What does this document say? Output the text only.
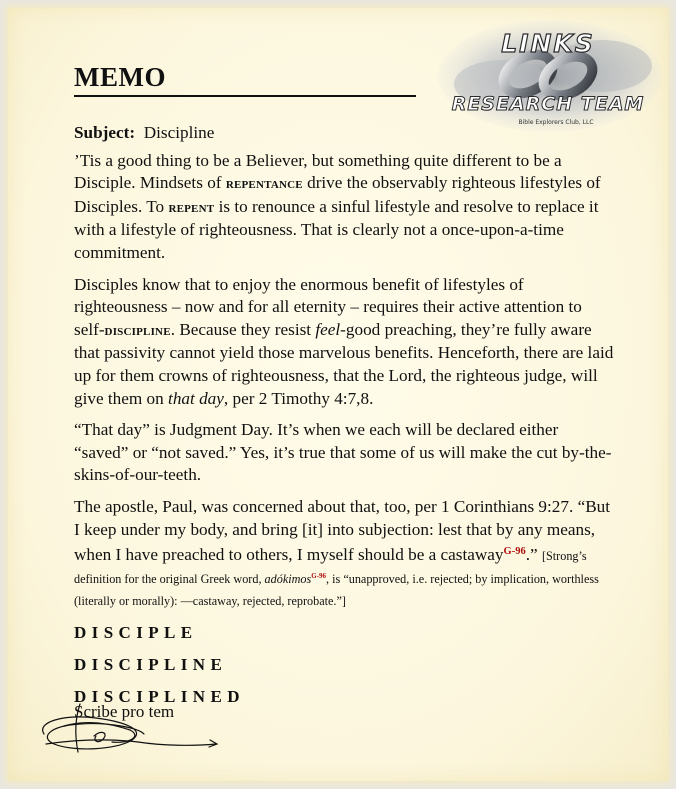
MEMO
LINKS
RESEARCH TEAM
Bible Explorers Club, LLC

Subject: Discipline

’Tis a good thing to be a Believer, but something quite different to be a Disciple. Mindsets of repentance drive the observably righteous lifestyles of Disciples. To repent is to renounce a sinful lifestyle and resolve to replace it with a lifestyle of righteousness. That is clearly not a once-upon-a-time commitment.

Disciples know that to enjoy the enormous benefit of lifestyles of righteousness – now and for all eternity – requires their active attention to self-discipline. Because they resist feel-good preaching, they’re fully aware that passivity cannot yield those marvelous benefits. Henceforth, there are laid up for them crowns of righteousness, that the Lord, the righteous judge, will give them on that day, per 2 Timothy 4:7,8.

“That day” is Judgment Day. It’s when we each will be declared either “saved” or “not saved.” Yes, it’s true that some of us will make the cut by-the-skins-of-our-teeth.

The apostle, Paul, was concerned about that, too, per 1 Corinthians 9:27. “But I keep under my body, and bring [it] into subjection: lest that by any means, when I have preached to others, I myself should be a castaway$^{G-96}$.” [Strong’s definition for the original Greek word, adókimos$^{G-96}$, is “unapproved, i.e. rejected; by implication, worthless (literally or morally): —castaway, rejected, reprobate.”]

DISCIPLE

DISCIPLINE

DISCIPLINED

Scribe pro tem
